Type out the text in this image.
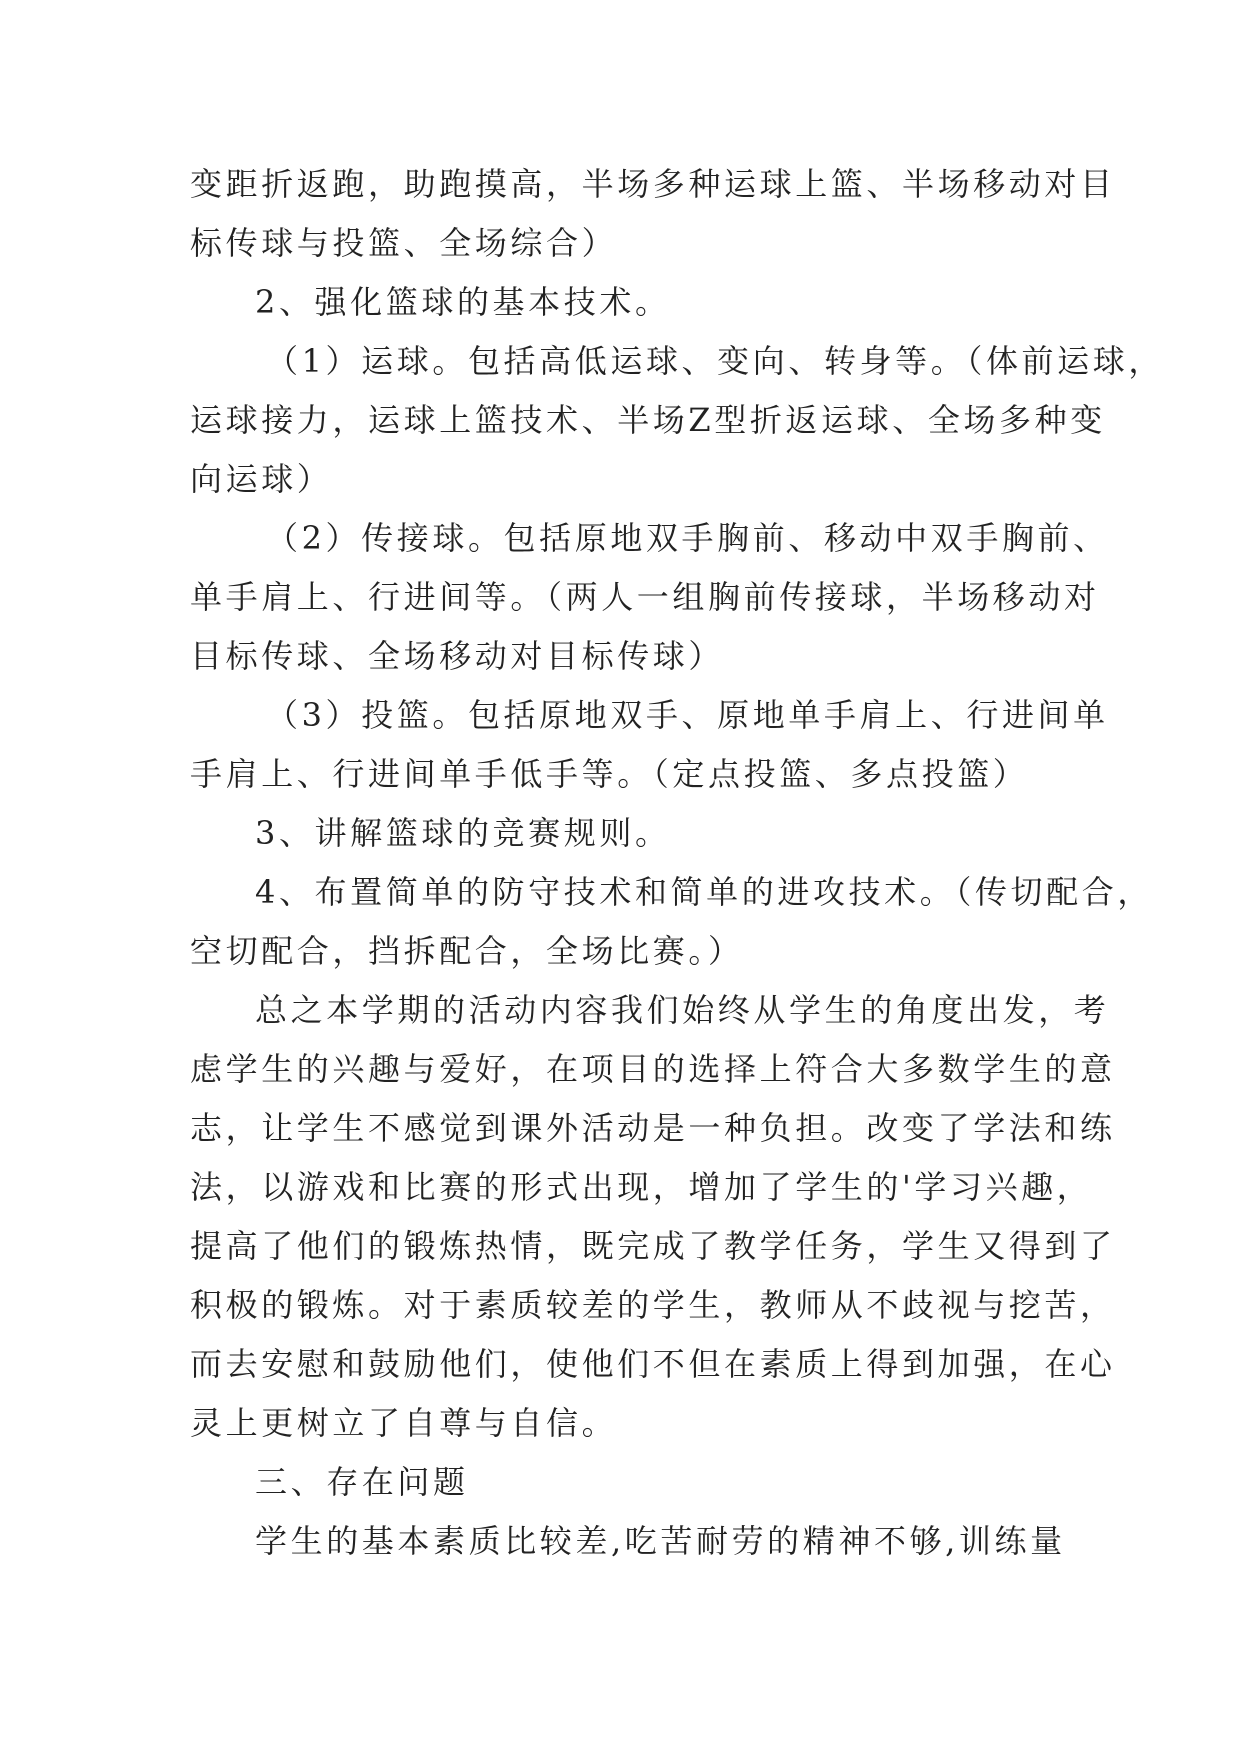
变距折返跑，助跑摸高，半场多种运球上篮、半场移动对目
标传球与投篮、全场综合）
2、强化篮球的基本技术。
（1）运球。包括高低运球、变向、转身等。（体前运球，
运球接力，运球上篮技术、半场Z型折返运球、全场多种变
向运球）
（2）传接球。包括原地双手胸前、移动中双手胸前、
单手肩上、行进间等。（两人一组胸前传接球，半场移动对
目标传球、全场移动对目标传球）
（3）投篮。包括原地双手、原地单手肩上、行进间单
手肩上、行进间单手低手等。（定点投篮、多点投篮）
3、讲解篮球的竞赛规则。
4、布置简单的防守技术和简单的进攻技术。（传切配合，
空切配合，挡拆配合，全场比赛。）
总之本学期的活动内容我们始终从学生的角度出发，考
虑学生的兴趣与爱好，在项目的选择上符合大多数学生的意
志，让学生不感觉到课外活动是一种负担。改变了学法和练
法，以游戏和比赛的形式出现，增加了学生的'学习兴趣，
提高了他们的锻炼热情，既完成了教学任务，学生又得到了
积极的锻炼。对于素质较差的学生，教师从不歧视与挖苦，
而去安慰和鼓励他们，使他们不但在素质上得到加强，在心
灵上更树立了自尊与自信。
三、存在问题
学生的基本素质比较差,吃苦耐劳的精神不够,训练量
